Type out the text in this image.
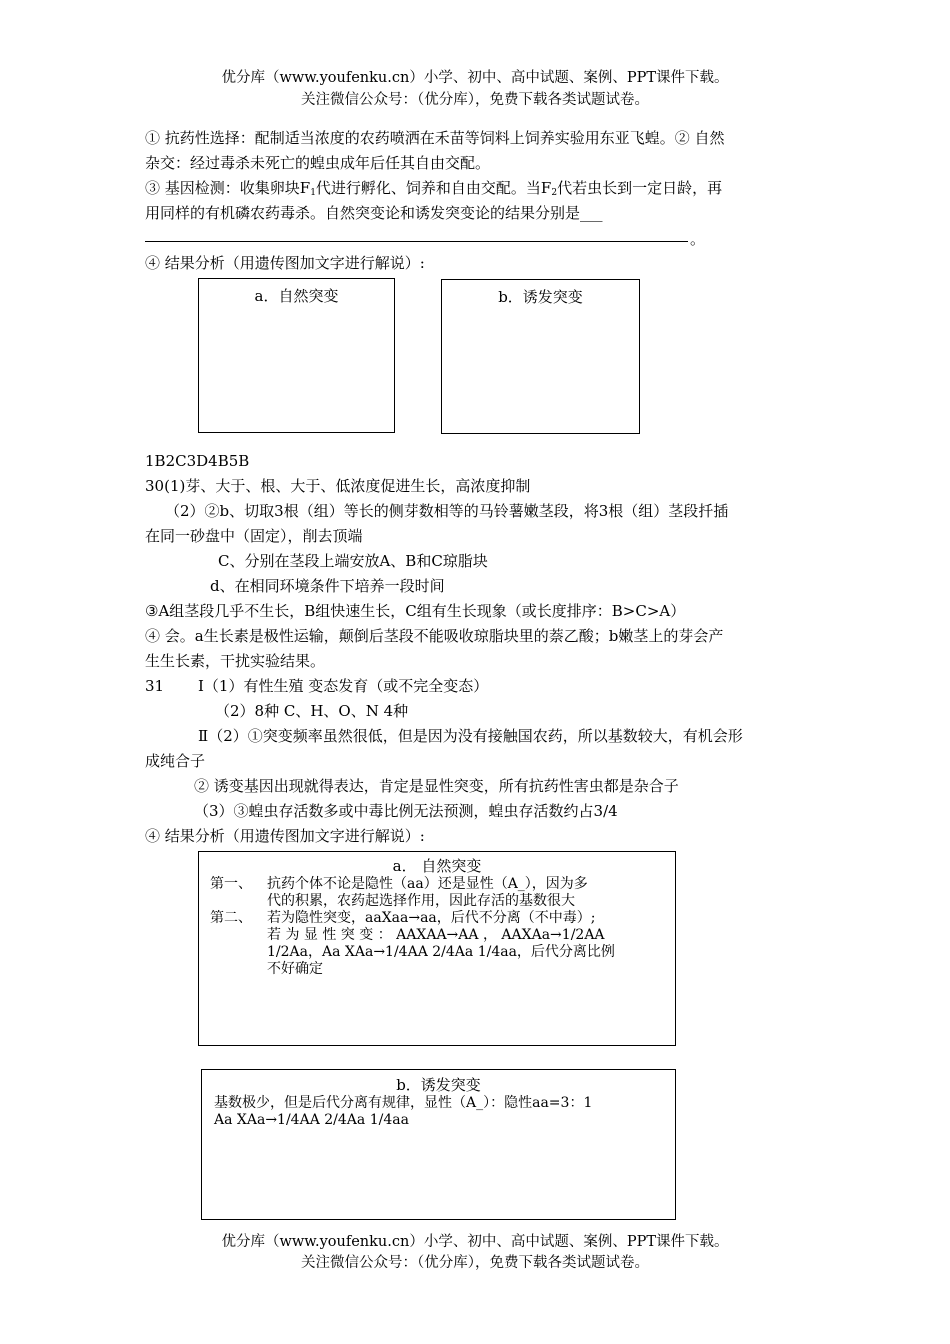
优分库（www.youfenku.cn）小学、初中、高中试题、案例、PPT课件下载。
关注微信公众号：（优分库），免费下载各类试题试卷。
① 抗药性选择：配制适当浓度的农药喷洒在禾苗等饲料上饲养实验用东亚飞蝗。② 自然
杂交：经过毒杀未死亡的蝗虫成年后任其自由交配。
③ 基因检测：收集卵块$F_1$代进行孵化、饲养和自由交配。当$F_2$代若虫长到一定日龄，再
用同样的有机磷农药毒杀。自然突变论和诱发突变论的结果分别是___
。
④ 结果分析（用遗传图加文字进行解说）:
a．自然突变	b．诱发突变
1B2C3D4B5B
30(1)芽、大于、根、大于、低浓度促进生长，高浓度抑制
（2）②b、切取3根（组）等长的侧芽数相等的马铃薯嫩茎段，将3根（组）茎段扦插
在同一砂盘中（固定），削去顶端
C、分别在茎段上端安放A、B和C琼脂块
d、在相同环境条件下培养一段时间
③A组茎段几乎不生长，B组快速生长，C组有生长现象（或长度排序：B>C>A）
④ 会。a生长素是极性运输，颠倒后茎段不能吸收琼脂块里的萘乙酸；b嫩茎上的芽会产
生生长素，干扰实验结果。
31 Ⅰ（1）有性生殖 变态发育（或不完全变态）
（2）8种 C、H、O、N 4种
Ⅱ（2）①突变频率虽然很低，但是因为没有接触国农药，所以基数较大，有机会形
成纯合子
② 诱变基因出现就得表达，肯定是显性突变，所有抗药性害虫都是杂合子
（3）③蝗虫存活数多或中毒比例无法预测，蝗虫存活数约占3/4
④ 结果分析（用遗传图加文字进行解说）:
a． 自然突变
第一、 抗药个体不论是隐性（aa）还是显性（A_），因为多
代的积累，农药起选择作用，因此存活的基数很大
第二、 若为隐性突变，aaⅩaa→aa，后代不分离（不中毒）;
若 为 显 性 突 变 ： AAⅩAA→AA ， AAⅩAa→1/2AA
1/2Aa，Aa ⅩAa→1/4AA 2/4Aa 1/4aa，后代分离比例
不好确定
b．诱发突变
基数极少，但是后代分离有规律，显性（A_）：隐性aa=3：1
Aa ⅩAa→1/4AA 2/4Aa 1/4aa
优分库（www.youfenku.cn）小学、初中、高中试题、案例、PPT课件下载。
关注微信公众号：（优分库），免费下载各类试题试卷。
